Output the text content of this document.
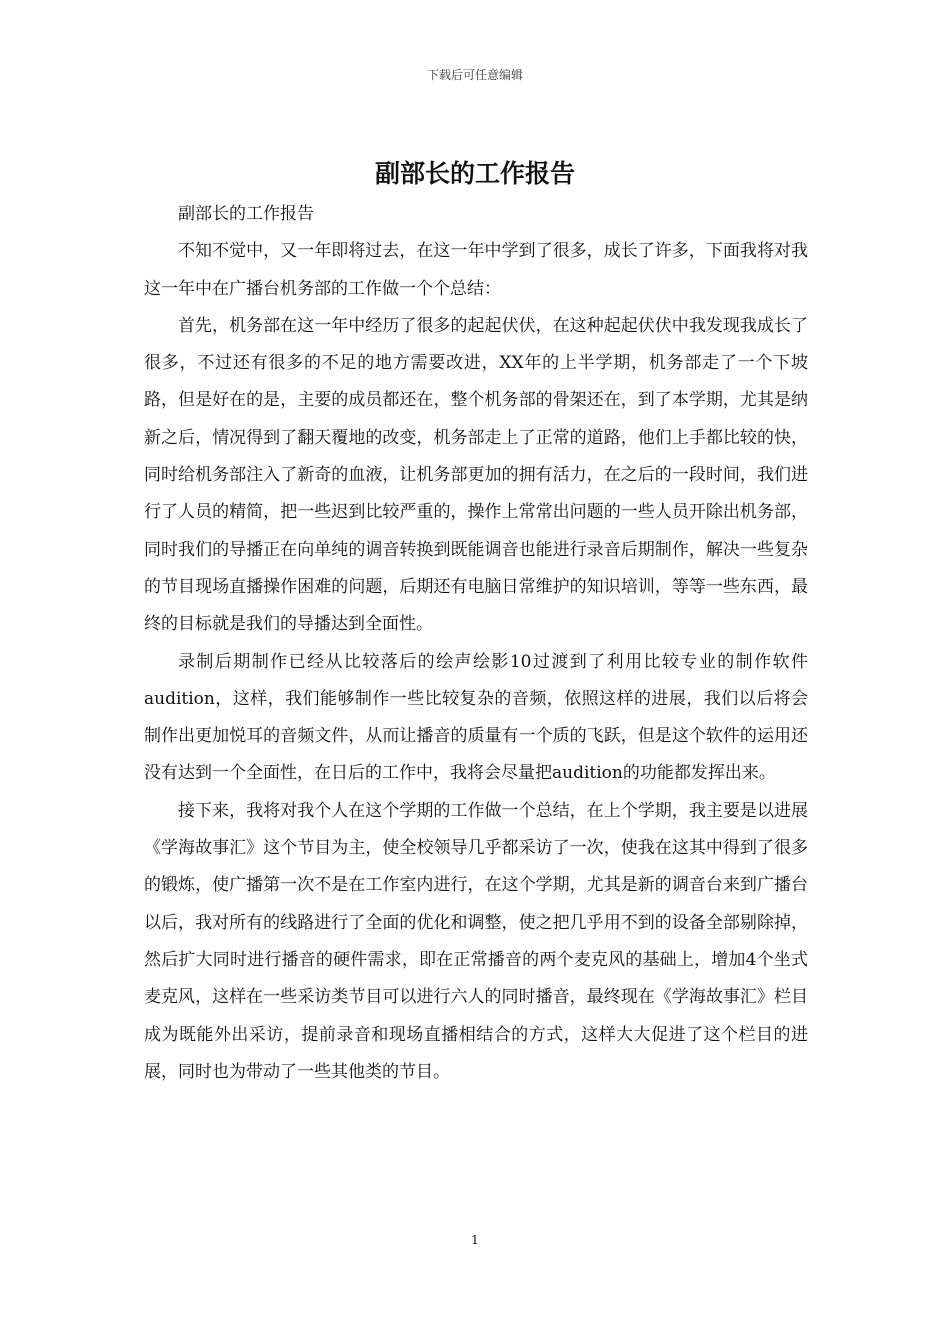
下载后可任意编辑
副部长的工作报告

副部长的工作报告

不知不觉中，又一年即将过去，在这一年中学到了很多，成长了许多，下面我将对我这一年中在广播台机务部的工作做一个个总结：

首先，机务部在这一年中经历了很多的起起伏伏，在这种起起伏伏中我发现我成长了很多，不过还有很多的不足的地方需要改进，XX年的上半学期，机务部走了一个下坡路，但是好在的是，主要的成员都还在，整个机务部的骨架还在，到了本学期，尤其是纳新之后，情况得到了翻天覆地的改变，机务部走上了正常的道路，他们上手都比较的快，同时给机务部注入了新奇的血液，让机务部更加的拥有活力，在之后的一段时间，我们进行了人员的精简，把一些迟到比较严重的，操作上常常出问题的一些人员开除出机务部，同时我们的导播正在向单纯的调音转换到既能调音也能进行录音后期制作，解决一些复杂的节目现场直播操作困难的问题，后期还有电脑日常维护的知识培训，等等一些东西，最终的目标就是我们的导播达到全面性。

录制后期制作已经从比较落后的绘声绘影10过渡到了利用比较专业的制作软件audition，这样，我们能够制作一些比较复杂的音频，依照这样的进展，我们以后将会制作出更加悦耳的音频文件，从而让播音的质量有一个质的飞跃，但是这个软件的运用还没有达到一个全面性，在日后的工作中，我将会尽量把audition的功能都发挥出来。

接下来，我将对我个人在这个学期的工作做一个总结，在上个学期，我主要是以进展《学海故事汇》这个节目为主，使全校领导几乎都采访了一次，使我在这其中得到了很多的锻炼，使广播第一次不是在工作室内进行，在这个学期，尤其是新的调音台来到广播台以后，我对所有的线路进行了全面的优化和调整，使之把几乎用不到的设备全部剔除掉，然后扩大同时进行播音的硬件需求，即在正常播音的两个麦克风的基础上，增加4个坐式麦克风，这样在一些采访类节目可以进行六人的同时播音，最终现在《学海故事汇》栏目成为既能外出采访，提前录音和现场直播相结合的方式，这样大大促进了这个栏目的进展，同时也为带动了一些其他类的节目。

1
